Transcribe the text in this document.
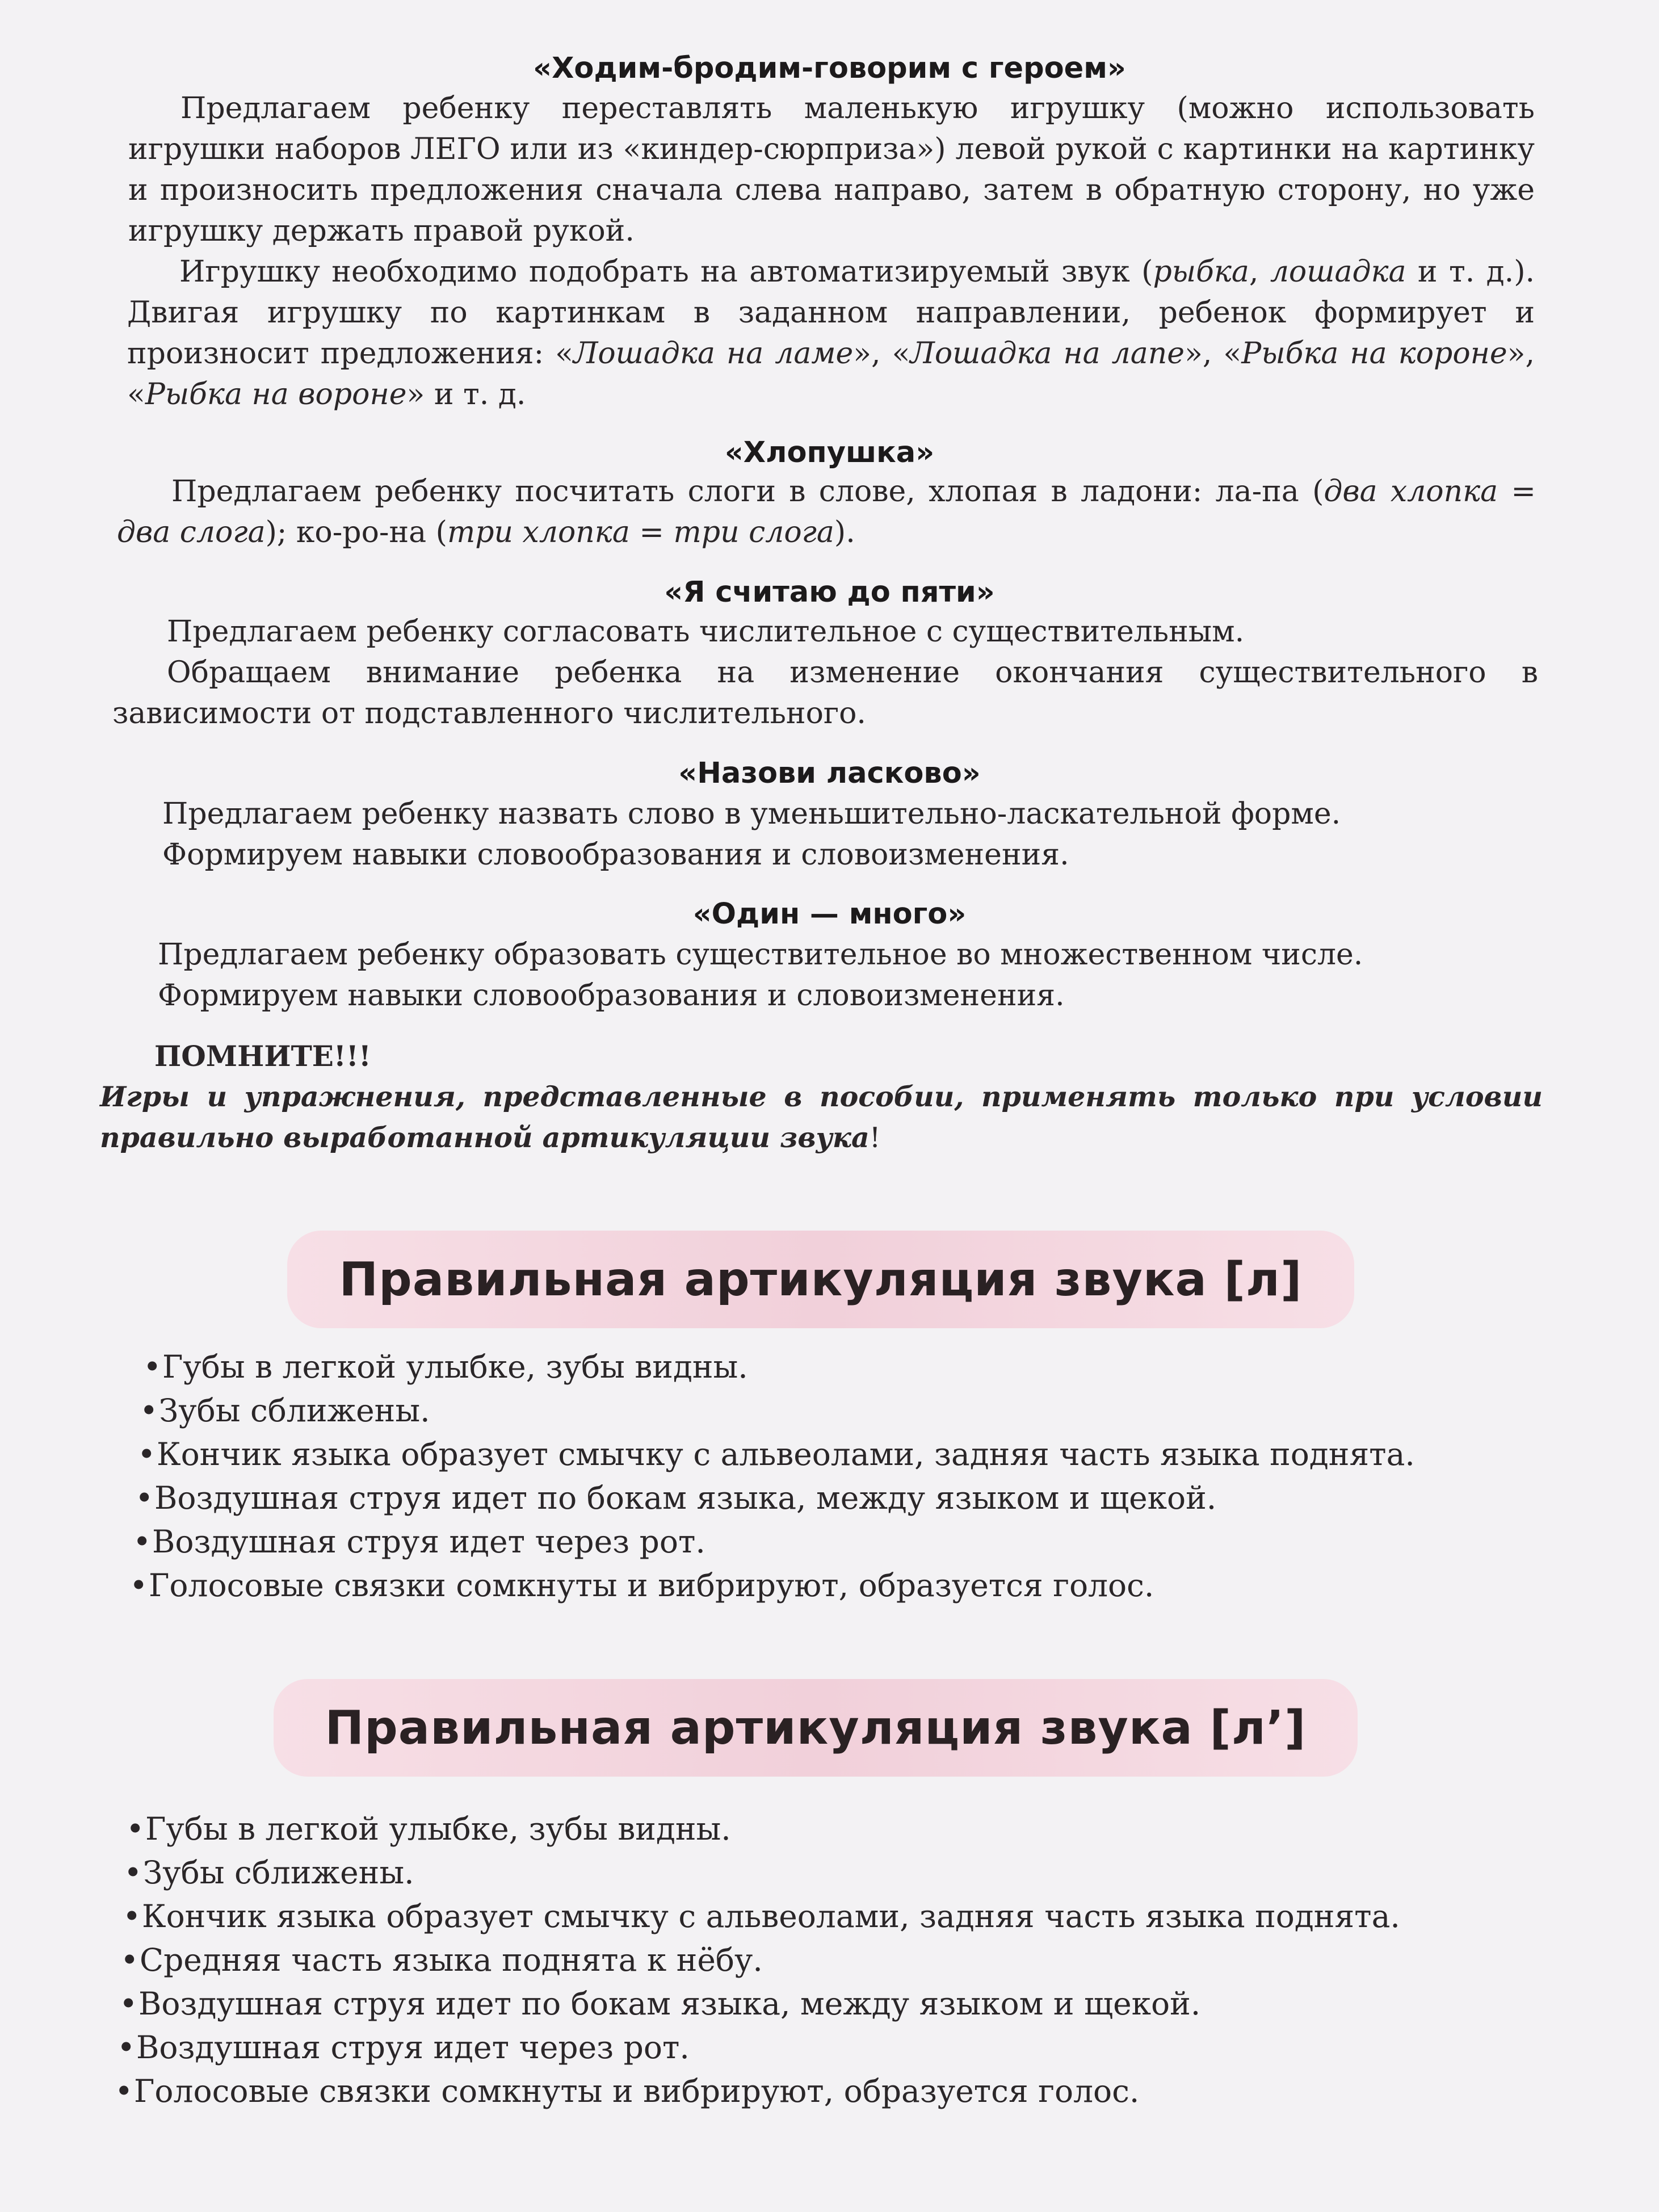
«Ходим-бродим-говорим с героем»

Предлагаем ребенку переставлять маленькую игрушку (можно использовать игрушки наборов ЛЕГО или из «киндер-сюрприза») левой рукой с картинки на картинку и произносить предложения сначала слева направо, затем в обратную сторону, но уже игрушку держать правой рукой.

Игрушку необходимо подобрать на автоматизируемый звук (рыбка, лошадка и т. д.). Двигая игрушку по картинкам в заданном направлении, ребенок формирует и произносит предложения: «Лошадка на ламе», «Лошадка на лапе», «Рыбка на короне», «Рыбка на вороне» и т. д.

«Хлопушка»

Предлагаем ребенку посчитать слоги в слове, хлопая в ладони: ла-па (два хлопка = два слога); ко-ро-на (три хлопка = три слога).

«Я считаю до пяти»

Предлагаем ребенку согласовать числительное с существительным.

Обращаем внимание ребенка на изменение окончания существительного в зависимости от подставленного числительного.

«Назови ласково»

Предлагаем ребенку назвать слово в уменьшительно-ласкательной форме.

Формируем навыки словообразования и словоизменения.

«Один — много»

Предлагаем ребенку образовать существительное во множественном числе.

Формируем навыки словообразования и словоизменения.

ПОМНИТЕ!!!
Игры и упражнения, представленные в пособии, применять только при условии правильно выработанной артикуляции звука!
Правильная артикуляция звука [л]
•Губы в легкой улыбке, зубы видны.
•Зубы сближены.
•Кончик языка образует смычку с альвеолами, задняя часть языка поднята.
•Воздушная струя идет по бокам языка, между языком и щекой.
•Воздушная струя идет через рот.
•Голосовые связки сомкнуты и вибрируют, образуется голос.
Правильная артикуляция звука [л’]
•Губы в легкой улыбке, зубы видны.
•Зубы сближены.
•Кончик языка образует смычку с альвеолами, задняя часть языка поднята.
•Средняя часть языка поднята к нёбу.
•Воздушная струя идет по бокам языка, между языком и щекой.
•Воздушная струя идет через рот.
•Голосовые связки сомкнуты и вибрируют, образуется голос.
